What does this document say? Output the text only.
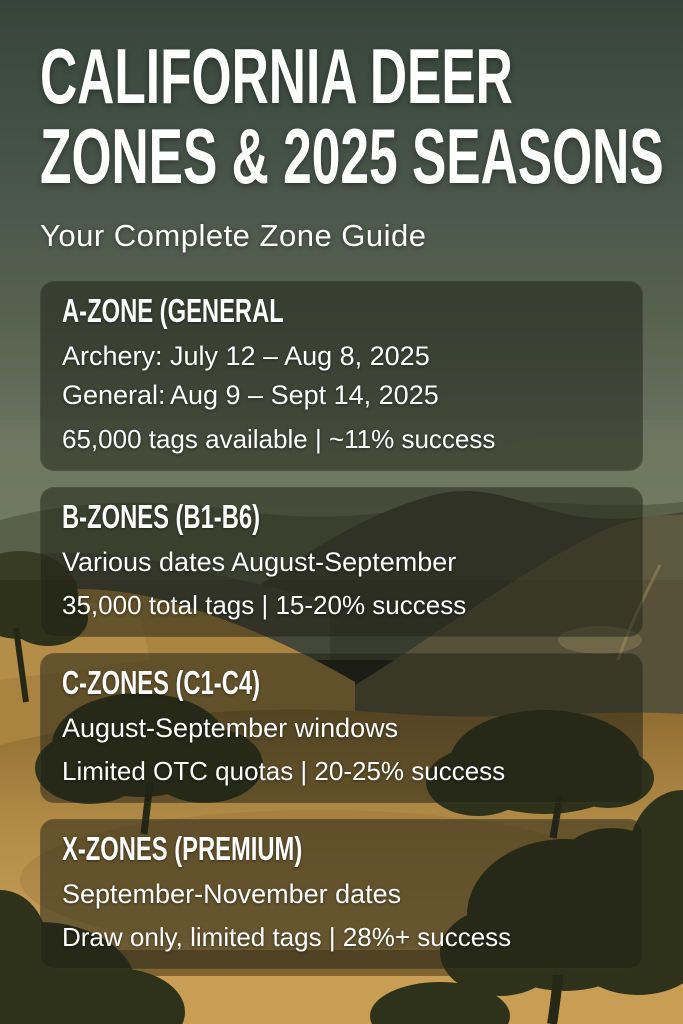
CALIFORNIA DEER
ZONES & 2025 SEASONS
Your Complete Zone Guide
A-ZONE (GENERAL
Archery: July 12 – Aug 8, 2025
General: Aug 9 – Sept 14, 2025
65,000 tags available | ~11% success
B-ZONES (B1-B6)
Various dates August-September
35,000 total tags | 15-20% success
C-ZONES (C1-C4)
August-September windows
Limited OTC quotas | 20-25% success
X-ZONES (PREMIUM)
September-November dates
Draw only, limited tags | 28%+ success
